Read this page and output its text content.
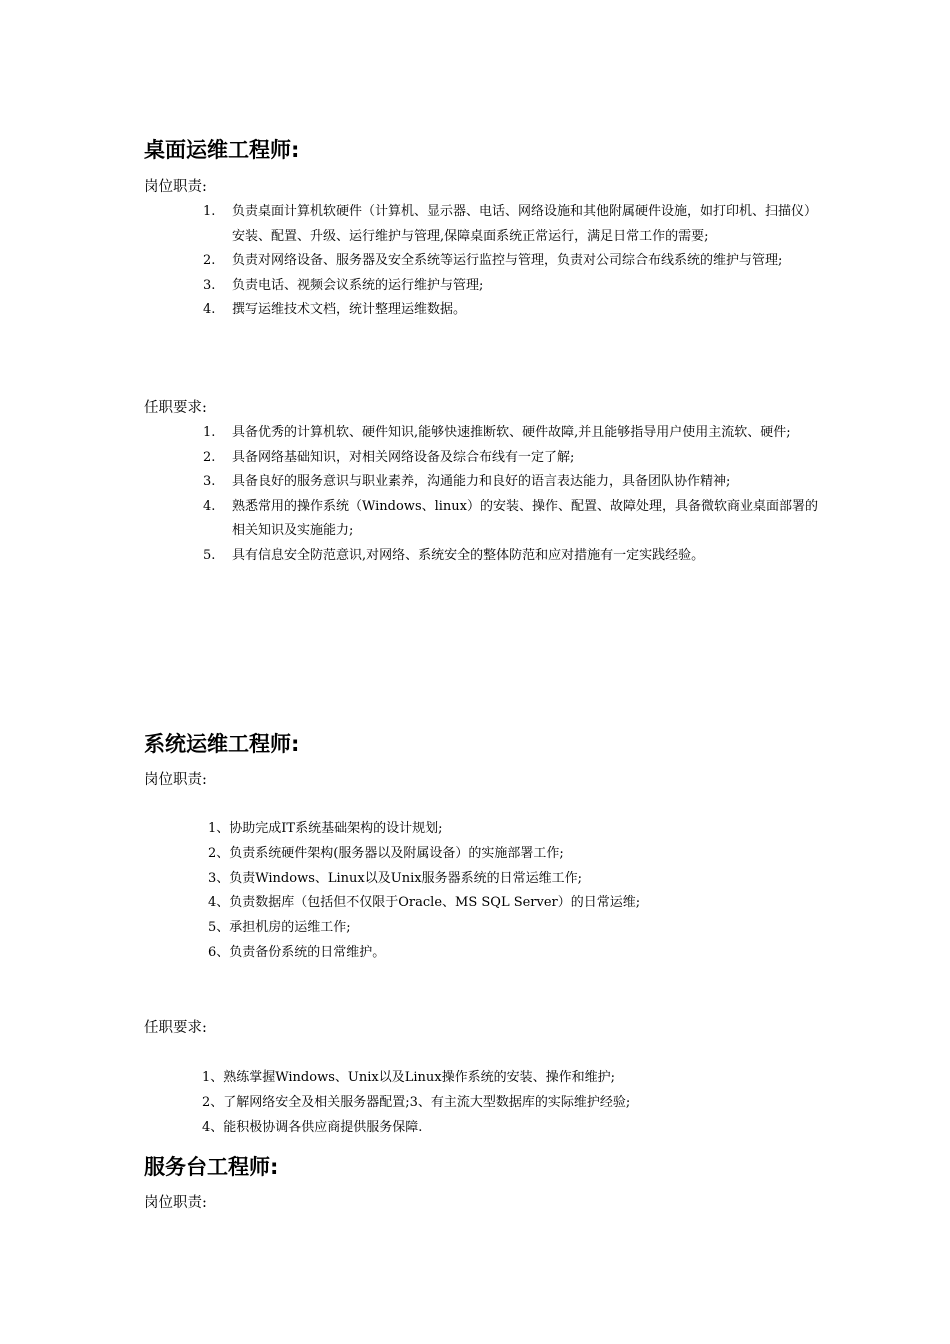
桌面运维工程师:
岗位职责:
1. 负责桌面计算机软硬件（计算机、显示器、电话、网络设施和其他附属硬件设施，如打印机、扫描仪）安装、配置、升级、运行维护与管理,保障桌面系统正常运行，满足日常工作的需要;
2. 负责对网络设备、服务器及安全系统等运行监控与管理，负责对公司综合布线系统的维护与管理;
3. 负责电话、视频会议系统的运行维护与管理;
4. 撰写运维技术文档，统计整理运维数据。
任职要求:
1. 具备优秀的计算机软、硬件知识,能够快速推断软、硬件故障,并且能够指导用户使用主流软、硬件;
2. 具备网络基础知识，对相关网络设备及综合布线有一定了解;
3. 具备良好的服务意识与职业素养，沟通能力和良好的语言表达能力，具备团队协作精神;
4. 熟悉常用的操作系统（Windows、linux）的安装、操作、配置、故障处理，具备微软商业桌面部署的相关知识及实施能力;
5. 具有信息安全防范意识,对网络、系统安全的整体防范和应对措施有一定实践经验。
系统运维工程师:
岗位职责:
1、协助完成IT系统基础架构的设计规划;
2、负责系统硬件架构(服务器以及附属设备）的实施部署工作;
3、负责Windows、Linux以及Unix服务器系统的日常运维工作;
4、负责数据库（包括但不仅限于Oracle、MS SQL Server）的日常运维;
5、承担机房的运维工作;
6、负责备份系统的日常维护。
任职要求:
1、熟练掌握Windows、Unix以及Linux操作系统的安装、操作和维护;
2、了解网络安全及相关服务器配置;3、有主流大型数据库的实际维护经验;
4、能积极协调各供应商提供服务保障.
服务台工程师:
岗位职责:
